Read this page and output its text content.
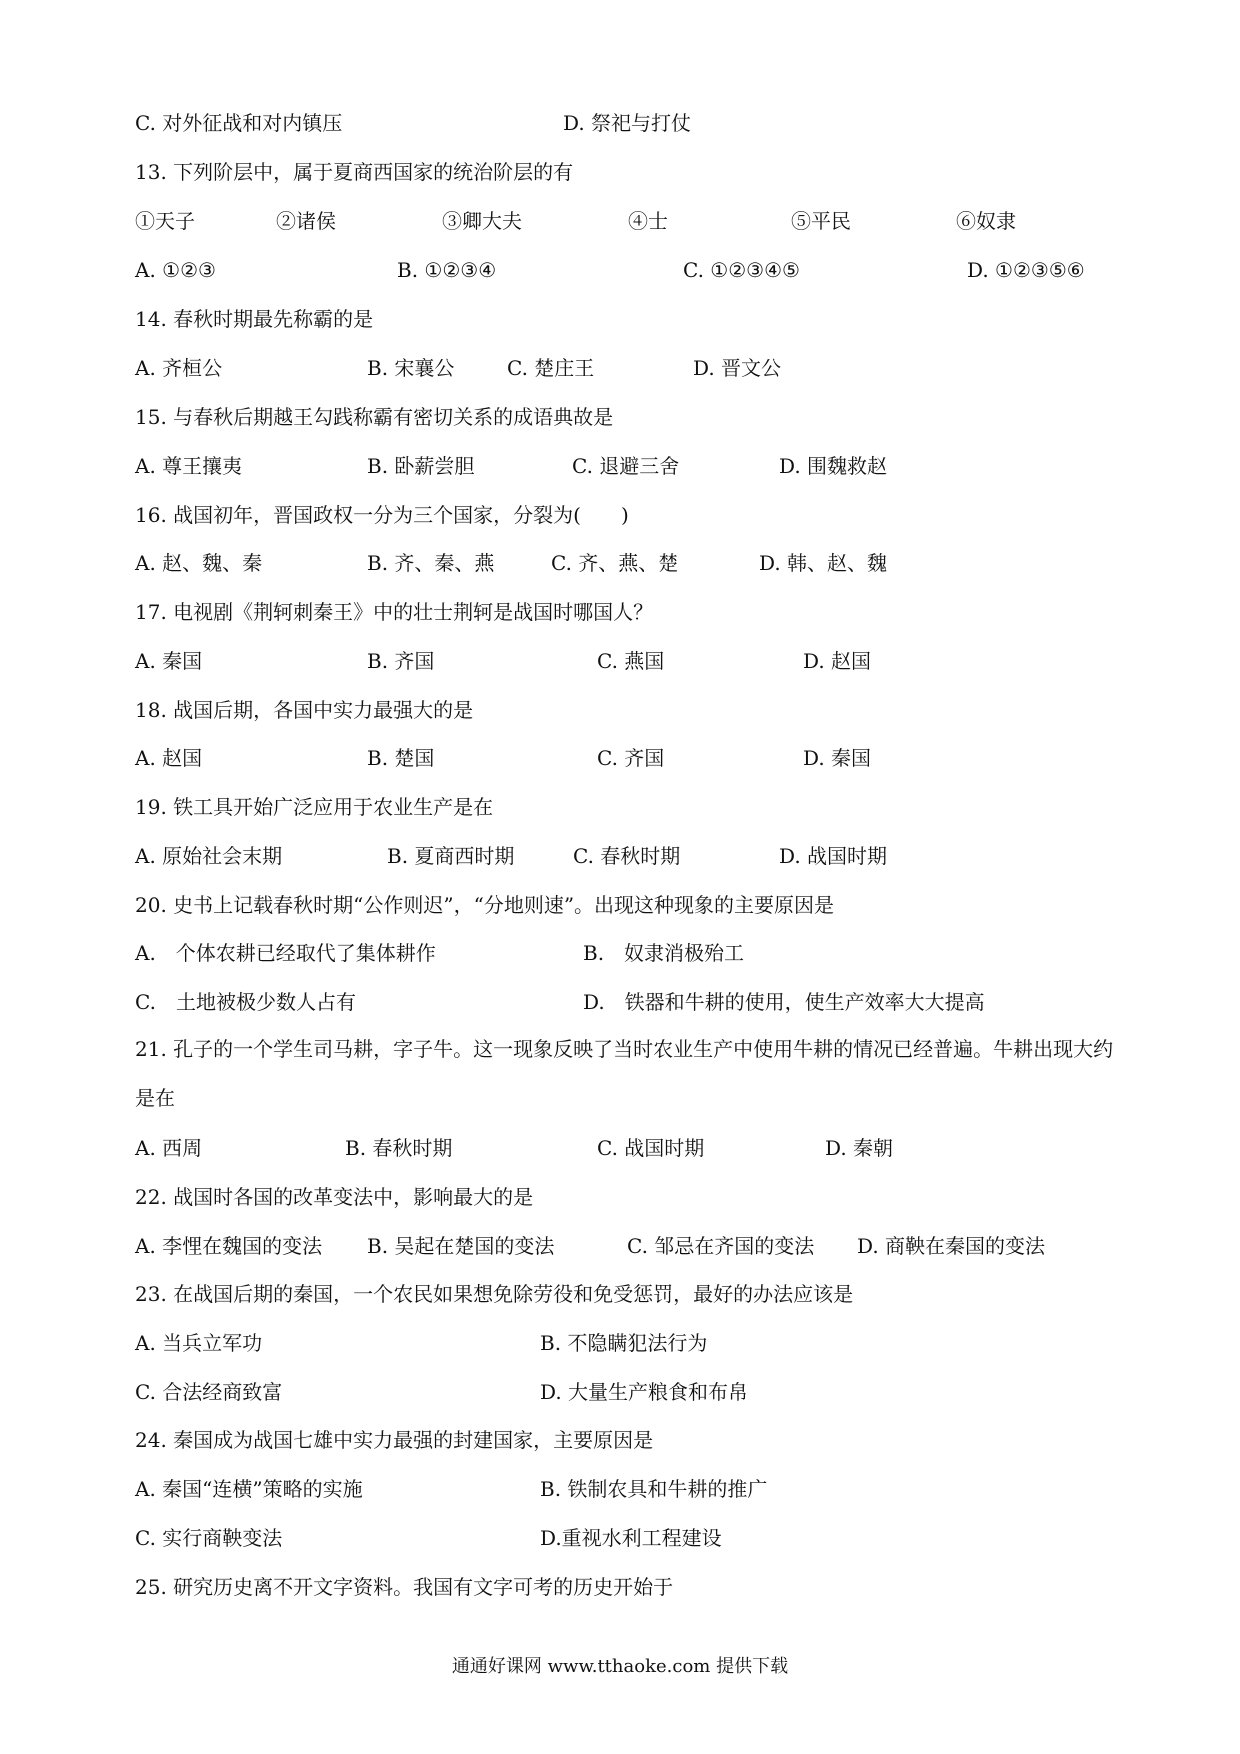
C. 对外征战和对内镇压	D. 祭祀与打仗
13. 下列阶层中，属于夏商西国家的统治阶层的有
①天子	②诸侯	③卿大夫	④士	⑤平民	⑥奴隶
A. ①②③	B. ①②③④	C. ①②③④⑤	D. ①②③⑤⑥
14. 春秋时期最先称霸的是
A. 齐桓公	B. 宋襄公	C. 楚庄王	D. 晋文公
15. 与春秋后期越王勾践称霸有密切关系的成语典故是
A. 尊王攘夷	B. 卧薪尝胆	C. 退避三舍	D. 围魏救赵
16. 战国初年，晋国政权一分为三个国家，分裂为(　　)
A. 赵、魏、秦	B. 齐、秦、燕	C. 齐、燕、楚	D. 韩、赵、魏
17. 电视剧《荆轲刺秦王》中的壮士荆轲是战国时哪国人？
A. 秦国	B. 齐国	C. 燕国	D. 赵国
18. 战国后期，各国中实力最强大的是
A. 赵国	B. 楚国	C. 齐国	D. 秦国
19. 铁工具开始广泛应用于农业生产是在
A. 原始社会末期	B. 夏商西时期	C. 春秋时期	D. 战国时期
20. 史书上记载春秋时期“公作则迟”，“分地则速”。出现这种现象的主要原因是
A.　个体农耕已经取代了集体耕作	B.　奴隶消极殆工
C.　土地被极少数人占有	D.　铁器和牛耕的使用，使生产效率大大提高
21. 孔子的一个学生司马耕，字子牛。这一现象反映了当时农业生产中使用牛耕的情况已经普遍。牛耕出现大约是在
A. 西周	B. 春秋时期	C. 战国时期	D. 秦朝
22. 战国时各国的改革变法中，影响最大的是
A. 李悝在魏国的变法 B. 吴起在楚国的变法	C. 邹忌在齐国的变法 D. 商鞅在秦国的变法
23. 在战国后期的秦国，一个农民如果想免除劳役和免受惩罚，最好的办法应该是
A. 当兵立军功	B. 不隐瞒犯法行为
C. 合法经商致富	D. 大量生产粮食和布帛
24. 秦国成为战国七雄中实力最强的封建国家，主要原因是
A. 秦国“连横”策略的实施	B. 铁制农具和牛耕的推广
C. 实行商鞅变法	D.重视水利工程建设
25. 研究历史离不开文字资料。我国有文字可考的历史开始于
通通好课网 www.tthaoke.com 提供下载
